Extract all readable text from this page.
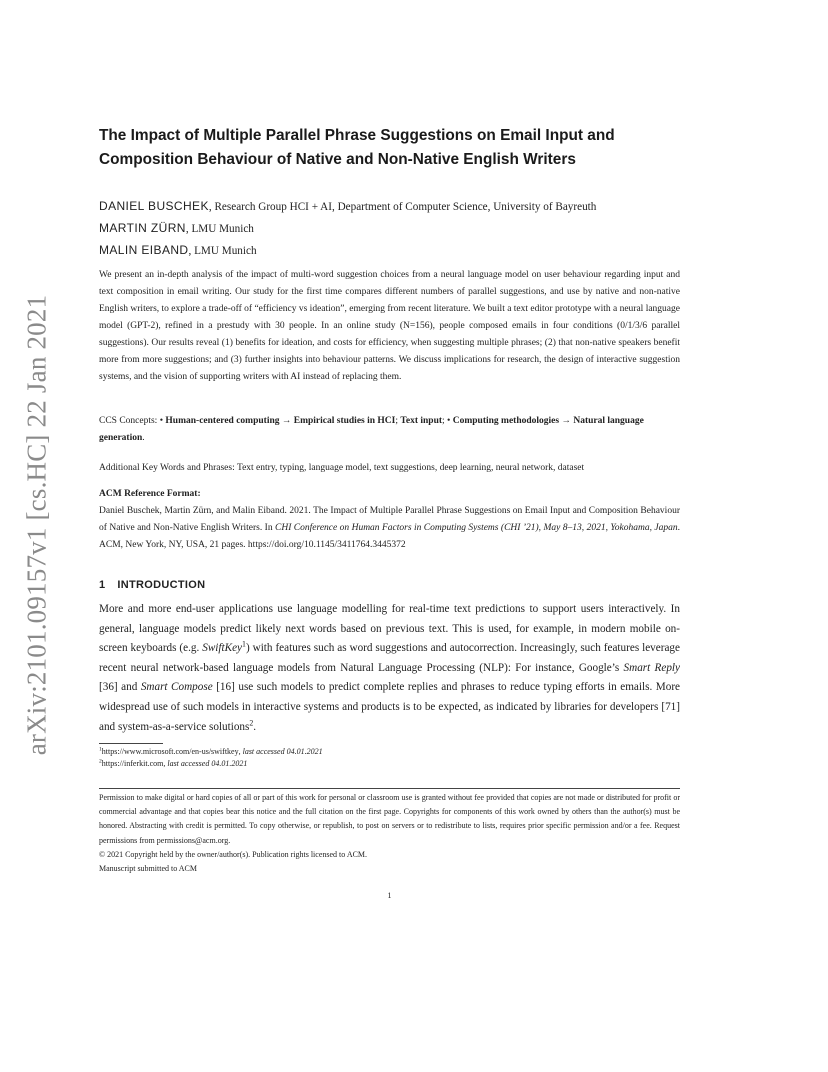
arXiv:2101.09157v1 [cs.HC] 22 Jan 2021
The Impact of Multiple Parallel Phrase Suggestions on Email Input and Composition Behaviour of Native and Non-Native English Writers
DANIEL BUSCHEK, Research Group HCI + AI, Department of Computer Science, University of Bayreuth
MARTIN ZÜRN, LMU Munich
MALIN EIBAND, LMU Munich
We present an in-depth analysis of the impact of multi-word suggestion choices from a neural language model on user behaviour regarding input and text composition in email writing. Our study for the first time compares different numbers of parallel suggestions, and use by native and non-native English writers, to explore a trade-off of “efficiency vs ideation”, emerging from recent literature. We built a text editor prototype with a neural language model (GPT-2), refined in a prestudy with 30 people. In an online study (N=156), people composed emails in four conditions (0/1/3/6 parallel suggestions). Our results reveal (1) benefits for ideation, and costs for efficiency, when suggesting multiple phrases; (2) that non-native speakers benefit more from more suggestions; and (3) further insights into behaviour patterns. We discuss implications for research, the design of interactive suggestion systems, and the vision of supporting writers with AI instead of replacing them.
CCS Concepts: • Human-centered computing → Empirical studies in HCI; Text input; • Computing methodologies → Natural language generation.
Additional Key Words and Phrases: Text entry, typing, language model, text suggestions, deep learning, neural network, dataset
ACM Reference Format:
Daniel Buschek, Martin Zürn, and Malin Eiband. 2021. The Impact of Multiple Parallel Phrase Suggestions on Email Input and Composition Behaviour of Native and Non-Native English Writers. In CHI Conference on Human Factors in Computing Systems (CHI ’21), May 8–13, 2021, Yokohama, Japan. ACM, New York, NY, USA, 21 pages. https://doi.org/10.1145/3411764.3445372
1 INTRODUCTION
More and more end-user applications use language modelling for real-time text predictions to support users interactively. In general, language models predict likely next words based on previous text. This is used, for example, in modern mobile on-screen keyboards (e.g. SwiftKey$^1$) with features such as word suggestions and autocorrection. Increasingly, such features leverage recent neural network-based language models from Natural Language Processing (NLP): For instance, Google’s Smart Reply [36] and Smart Compose [16] use such models to predict complete replies and phrases to reduce typing efforts in emails. More widespread use of such models in interactive systems and products is to be expected, as indicated by libraries for developers [71] and system-as-a-service solutions$^2$.
$^1$https://www.microsoft.com/en-us/swiftkey, last accessed 04.01.2021
$^2$https://inferkit.com, last accessed 04.01.2021
Permission to make digital or hard copies of all or part of this work for personal or classroom use is granted without fee provided that copies are not made or distributed for profit or commercial advantage and that copies bear this notice and the full citation on the first page. Copyrights for components of this work owned by others than the author(s) must be honored. Abstracting with credit is permitted. To copy otherwise, or republish, to post on servers or to redistribute to lists, requires prior specific permission and/or a fee. Request permissions from permissions@acm.org.
© 2021 Copyright held by the owner/author(s). Publication rights licensed to ACM.
Manuscript submitted to ACM
1
